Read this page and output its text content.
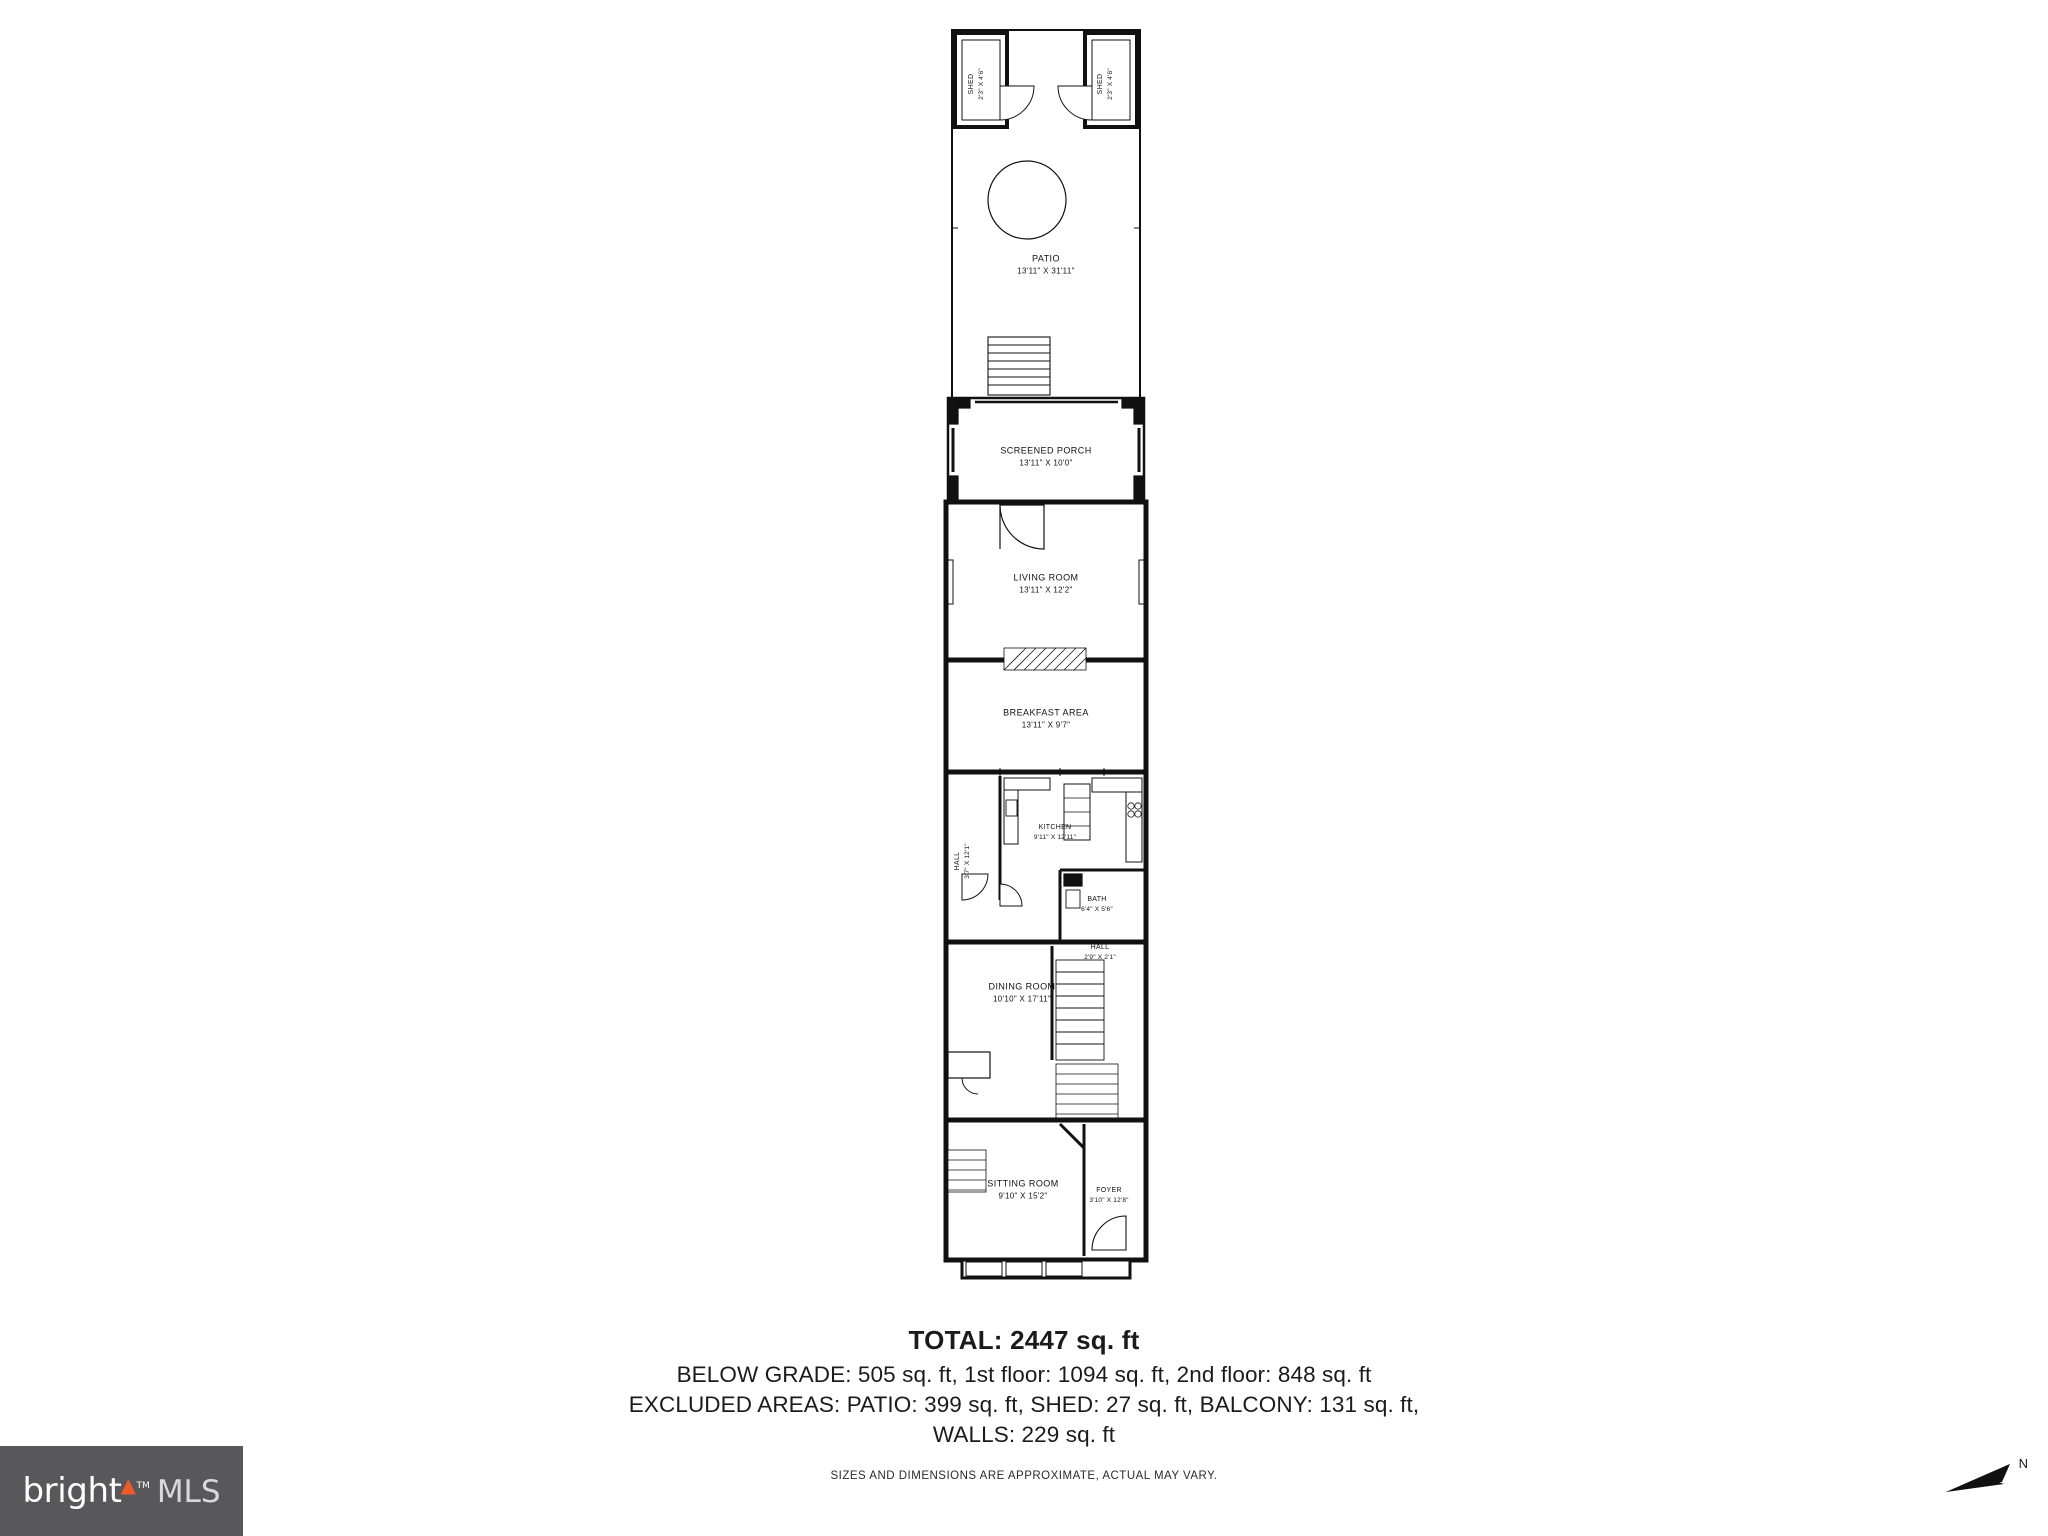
SHED 2'3" X 4'6"	SHED 2'3" X 4'6"
PATIO
13'11" X 31'11"
SCREENED PORCH
13'11" X 10'0"
LIVING ROOM
13'11" X 12'2"
BREAKFAST AREA
13'11" X 9'7"
KITCHEN
9'11" X 12'11"
HALL 3'7" X 12'1"
BATH
6'4" X 5'6"
HALL
2'9" X 2'1"
DINING ROOM
10'10" X 17'11"
SITTING ROOM
9'10" X 15'2"
FOYER
3'10" X 12'8"
TOTAL: 2447 sq. ft
BELOW GRADE: 505 sq. ft, 1st floor: 1094 sq. ft, 2nd floor: 848 sq. ft
EXCLUDED AREAS: PATIO: 399 sq. ft, SHED: 27 sq. ft, BALCONY: 131 sq. ft,
WALLS: 229 sq. ft
SIZES AND DIMENSIONS ARE APPROXIMATE, ACTUAL MAY VARY.
bright ▲ TM MLS
N
